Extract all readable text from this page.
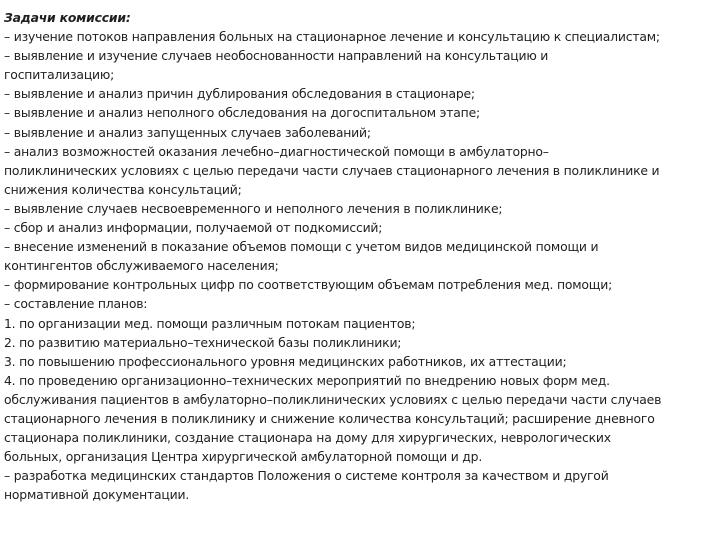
Задачи комиссии:
– изучение потоков направления больных на стационарное лечение и консультацию к специалистам;
– выявление и изучение случаев необоснованности направлений на консультацию и
госпитализацию;
– выявление и анализ причин дублирования обследования в стационаре;
– выявление и анализ неполного обследования на догоспитальном этапе;
– выявление и анализ запущенных случаев заболеваний;
– анализ возможностей оказания лечебно–диагностической помощи в амбулаторно–
поликлинических условиях с целью передачи части случаев стационарного лечения в поликлинике и
снижения количества консультаций;
– выявление случаев несвоевременного и неполного лечения в поликлинике;
– сбор и анализ информации, получаемой от подкомиссий;
– внесение изменений в показание объемов помощи с учетом видов медицинской помощи и
контингентов обслуживаемого населения;
– формирование контрольных цифр по соответствующим объемам потребления мед. помощи;
– составление планов:
1. по организации мед. помощи различным потокам пациентов;
2. по развитию материально–технической базы поликлиники;
3. по повышению профессионального уровня медицинских работников, их аттестации;
4. по проведению организационно–технических мероприятий по внедрению новых форм мед.
обслуживания пациентов в амбулаторно–поликлинических условиях с целью передачи части случаев
стационарного лечения в поликлинику и снижение количества консультаций; расширение дневного
стационара поликлиники, создание стационара на дому для хирургических, неврологических
больных, организация Центра хирургической амбулаторной помощи и др.
– разработка медицинских стандартов Положения о системе контроля за качеством и другой
нормативной документации.
